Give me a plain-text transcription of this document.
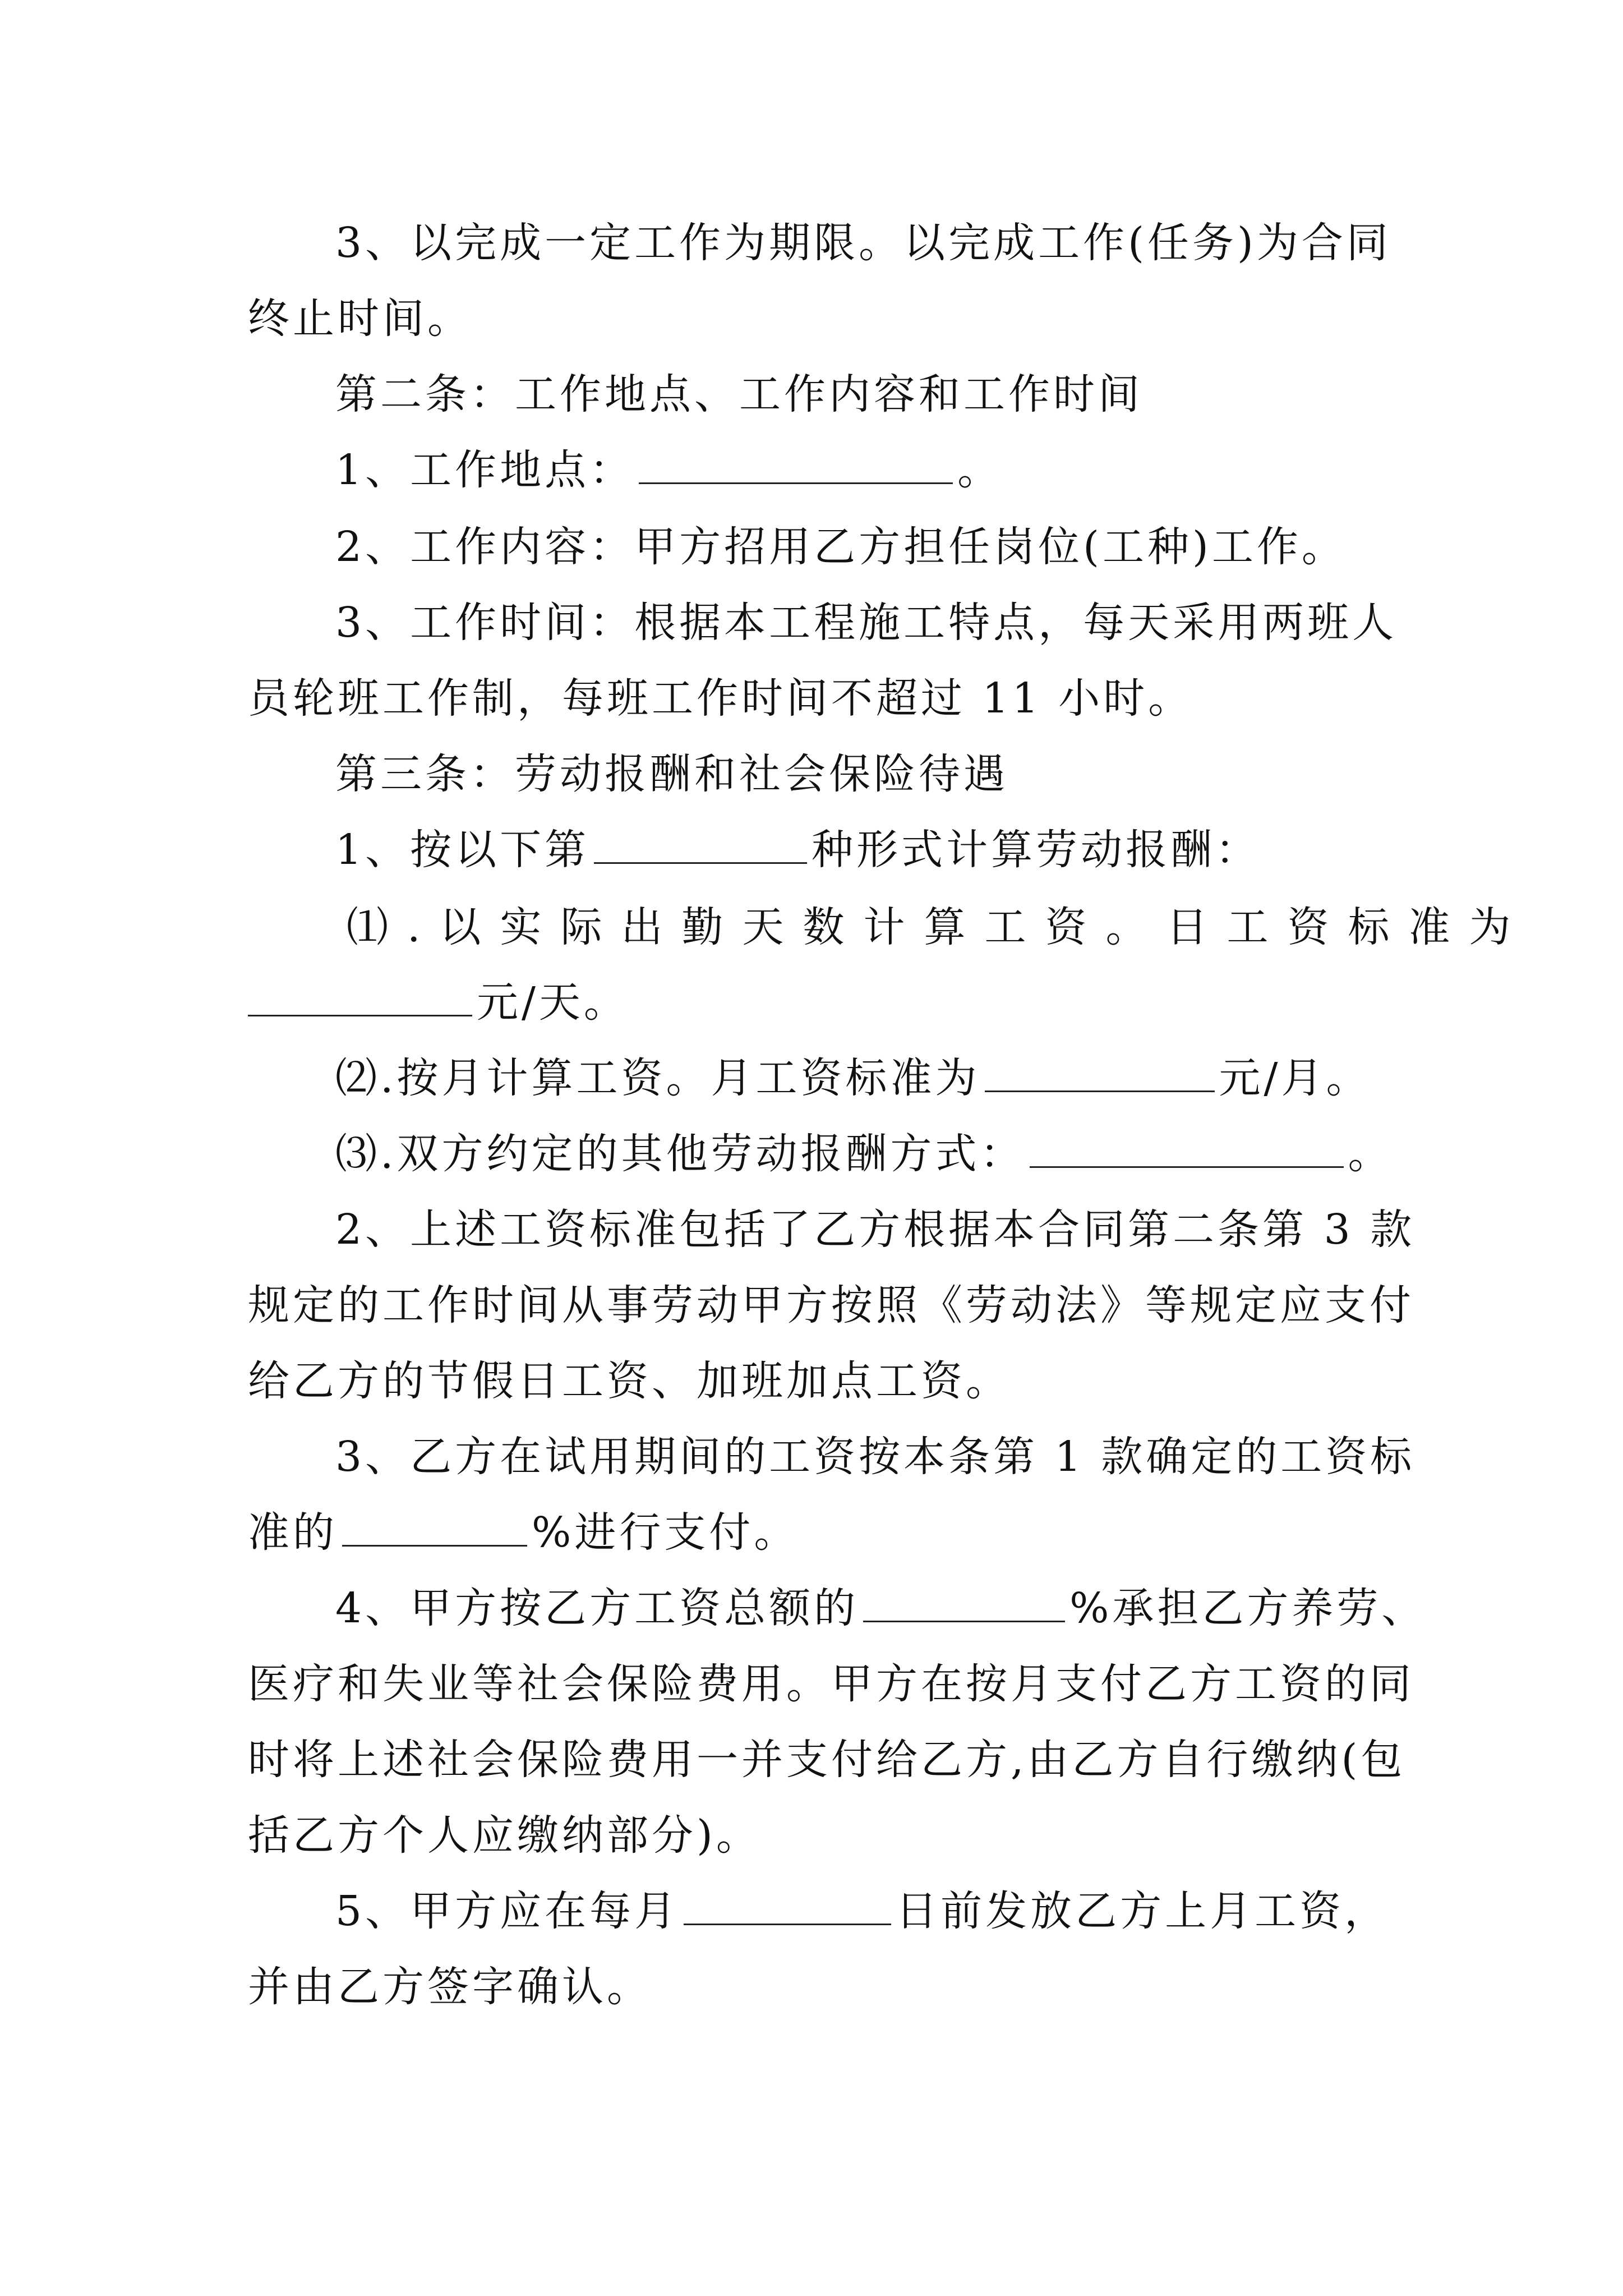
3、以完成一定工作为期限。以完成工作(任务)为合同
终止时间。
第二条：工作地点、工作内容和工作时间
1、工作地点：	。
2、工作内容：甲方招用乙方担任岗位(工种)工作。
3、工作时间：根据本工程施工特点，每天采用两班人
员轮班工作制，每班工作时间不超过 11 小时。
第三条：劳动报酬和社会保险待遇
1、按以下第	种形式计算劳动报酬：
⑴.以实际出勤天数计算工资。日工资标准为
元/天。
⑵.按月计算工资。月工资标准为	元/月。
⑶.双方约定的其他劳动报酬方式：	。
2、上述工资标准包括了乙方根据本合同第二条第 3 款
规定的工作时间从事劳动甲方按照《劳动法》等规定应支付
给乙方的节假日工资、加班加点工资。
3、乙方在试用期间的工资按本条第 1 款确定的工资标
准的	%进行支付。
4、甲方按乙方工资总额的	%承担乙方养劳、
医疗和失业等社会保险费用。甲方在按月支付乙方工资的同
时将上述社会保险费用一并支付给乙方,由乙方自行缴纳(包
括乙方个人应缴纳部分)。
5、甲方应在每月	日前发放乙方上月工资，
并由乙方签字确认。
